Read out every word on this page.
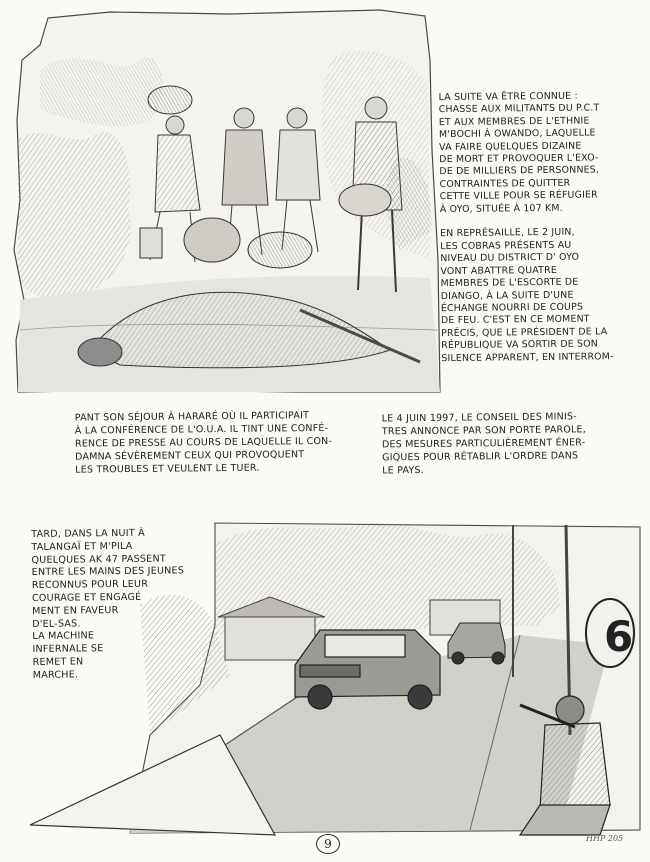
6
LA SUITE VA ÊTRE CONNUE :
CHASSE AUX MILITANTS DU P.C.T
ET AUX MEMBRES DE L'ETHNIE
M'BOCHI À OWANDO, LAQUELLE
VA FAIRE QUELQUES DIZAINE
DE MORT ET PROVOQUER L'EXO-
DE DE MILLIERS DE PERSONNES,
CONTRAINTES DE QUITTER
CETTE VILLE POUR SE RÉFUGIER
À OYO, SITUÉE À 107 KM.

EN REPRÉSAILLE, LE 2 JUIN,
LES COBRAS PRÉSENTS AU
NIVEAU DU DISTRICT D' OYO
VONT ABATTRE QUATRE
MEMBRES DE L'ESCORTE DE
DIANGO, À LA SUITE D'UNE
ÉCHANGE NOURRI DE COUPS
DE FEU. C'EST EN CE MOMENT
PRÉCIS, QUE LE PRÉSIDENT DE LA
RÉPUBLIQUE VA SORTIR DE SON
SILENCE APPARENT, EN INTERROM-
PANT SON SÉJOUR À HARARÉ OÙ IL PARTICIPAIT
À LA CONFÉRENCE DE L'O.U.A. IL TINT UNE CONFÉ-
RENCE DE PRESSE AU COURS DE LAQUELLE IL CON-
DAMNA SÉVÈREMENT CEUX QUI PROVOQUENT
LES TROUBLES ET VEULENT LE TUER.
LE 4 JUIN 1997, LE CONSEIL DES MINIS-
TRES ANNONCE PAR SON PORTE PAROLE,
DES MESURES PARTICULIÈREMENT ÉNER-
GIQUES POUR RÉTABLIR L'ORDRE DANS
LE PAYS.
TARD, DANS LA NUIT À
TALANGAÏ ET M'PILA
QUELQUES AK 47 PASSENT
ENTRE LES MAINS DES JEUNES
RECONNUS POUR LEUR
COURAGE ET ENGAGÉ
MENT EN FAVEUR
D'EL-SAS.
LA MACHINE
INFERNALE SE
REMET EN
MARCHE.
9	HHP 205
